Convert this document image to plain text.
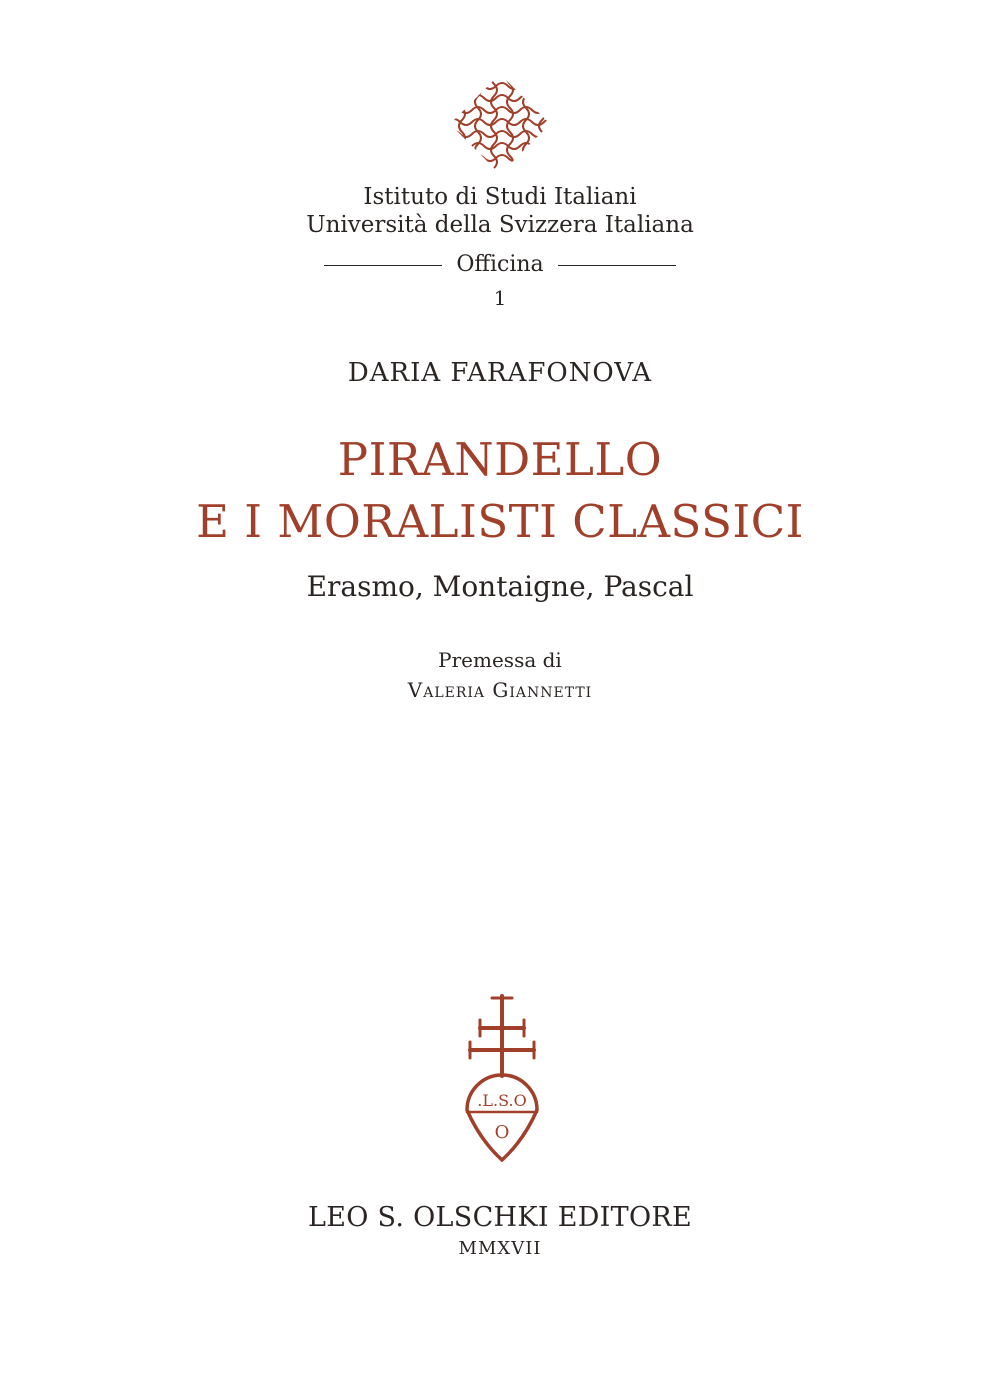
Istituto di Studi Italiani
Università della Svizzera Italiana
Officina
1
DARIA FARAFONOVA
PIRANDELLO
E I MORALISTI CLASSICI
Erasmo, Montaigne, Pascal
Premessa di
Valeria Giannetti
.L.S.O
O
LEO S. OLSCHKI EDITORE
MMXVII
